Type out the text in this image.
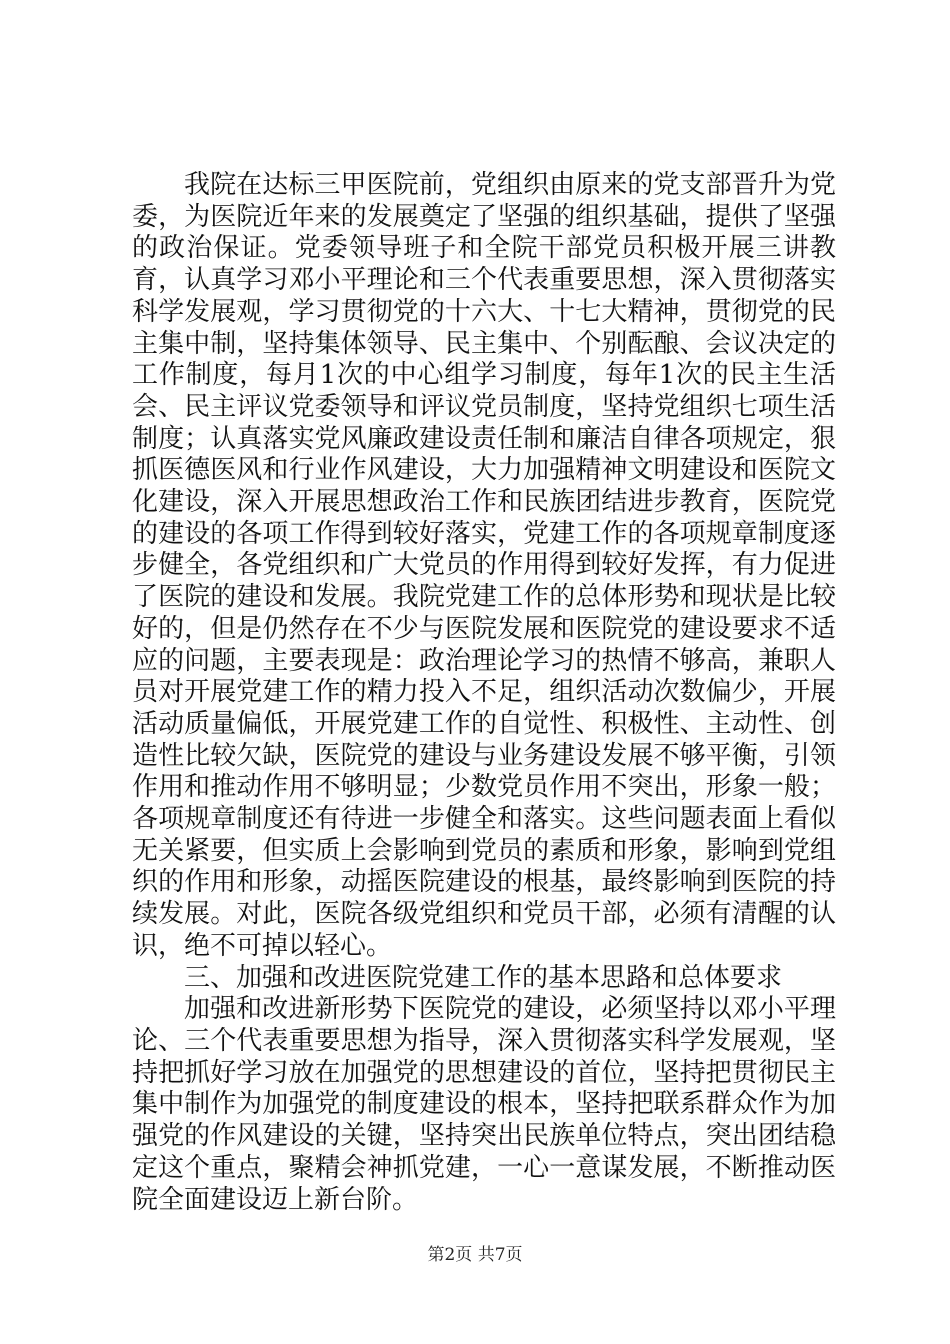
我院在达标三甲医院前，党组织由原来的党支部晋升为党委，为医院近年来的发展奠定了坚强的组织基础，提供了坚强的政治保证。党委领导班子和全院干部党员积极开展三讲教育，认真学习邓小平理论和三个代表重要思想，深入贯彻落实科学发展观，学习贯彻党的十六大、十七大精神，贯彻党的民主集中制，坚持集体领导、民主集中、个别酝酿、会议决定的工作制度，每月1次的中心组学习制度，每年1次的民主生活会、民主评议党委领导和评议党员制度，坚持党组织七项生活制度；认真落实党风廉政建设责任制和廉洁自律各项规定，狠抓医德医风和行业作风建设，大力加强精神文明建设和医院文化建设，深入开展思想政治工作和民族团结进步教育，医院党的建设的各项工作得到较好落实，党建工作的各项规章制度逐步健全，各党组织和广大党员的作用得到较好发挥，有力促进了医院的建设和发展。我院党建工作的总体形势和现状是比较好的，但是仍然存在不少与医院发展和医院党的建设要求不适应的问题，主要表现是：政治理论学习的热情不够高，兼职人员对开展党建工作的精力投入不足，组织活动次数偏少，开展活动质量偏低，开展党建工作的自觉性、积极性、主动性、创造性比较欠缺，医院党的建设与业务建设发展不够平衡，引领作用和推动作用不够明显；少数党员作用不突出，形象一般；各项规章制度还有待进一步健全和落实。这些问题表面上看似无关紧要，但实质上会影响到党员的素质和形象，影响到党组织的作用和形象，动摇医院建设的根基，最终影响到医院的持续发展。对此，医院各级党组织和党员干部，必须有清醒的认识，绝不可掉以轻心。

三、加强和改进医院党建工作的基本思路和总体要求

加强和改进新形势下医院党的建设，必须坚持以邓小平理论、三个代表重要思想为指导，深入贯彻落实科学发展观，坚持把抓好学习放在加强党的思想建设的首位，坚持把贯彻民主集中制作为加强党的制度建设的根本，坚持把联系群众作为加强党的作风建设的关键，坚持突出民族单位特点，突出团结稳定这个重点，聚精会神抓党建，一心一意谋发展，不断推动医院全面建设迈上新台阶。

第2页 共7页
